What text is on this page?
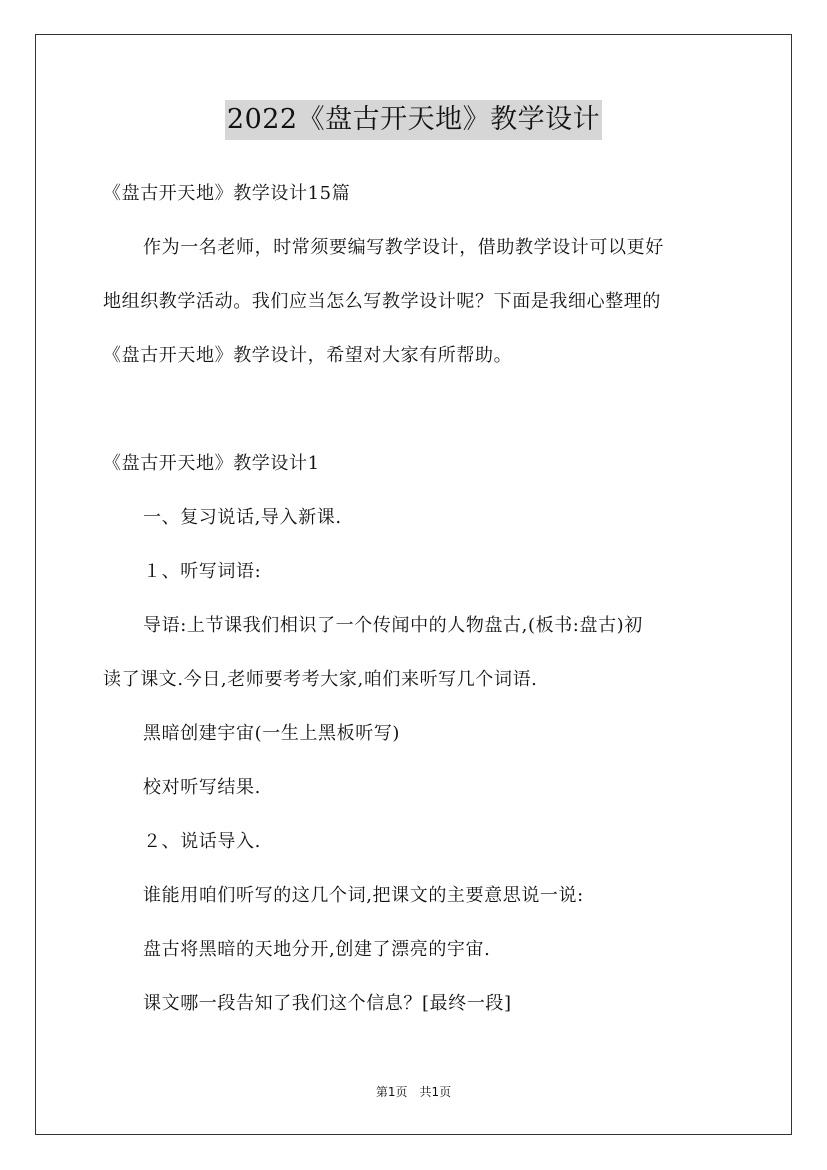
2022《盘古开天地》教学设计
《盘古开天地》教学设计15篇
作为一名老师，时常须要编写教学设计，借助教学设计可以更好
地组织教学活动。我们应当怎么写教学设计呢？下面是我细心整理的
《盘古开天地》教学设计，希望对大家有所帮助。
《盘古开天地》教学设计1
一、复习说话,导入新课.
１、听写词语:
导语:上节课我们相识了一个传闻中的人物盘古,(板书:盘古)初
读了课文.今日,老师要考考大家,咱们来听写几个词语.
黑暗创建宇宙(一生上黑板听写)
校对听写结果.
２、说话导入.
谁能用咱们听写的这几个词,把课文的主要意思说一说:
盘古将黑暗的天地分开,创建了漂亮的宇宙.
课文哪一段告知了我们这个信息？[最终一段]
第1页　共1页
